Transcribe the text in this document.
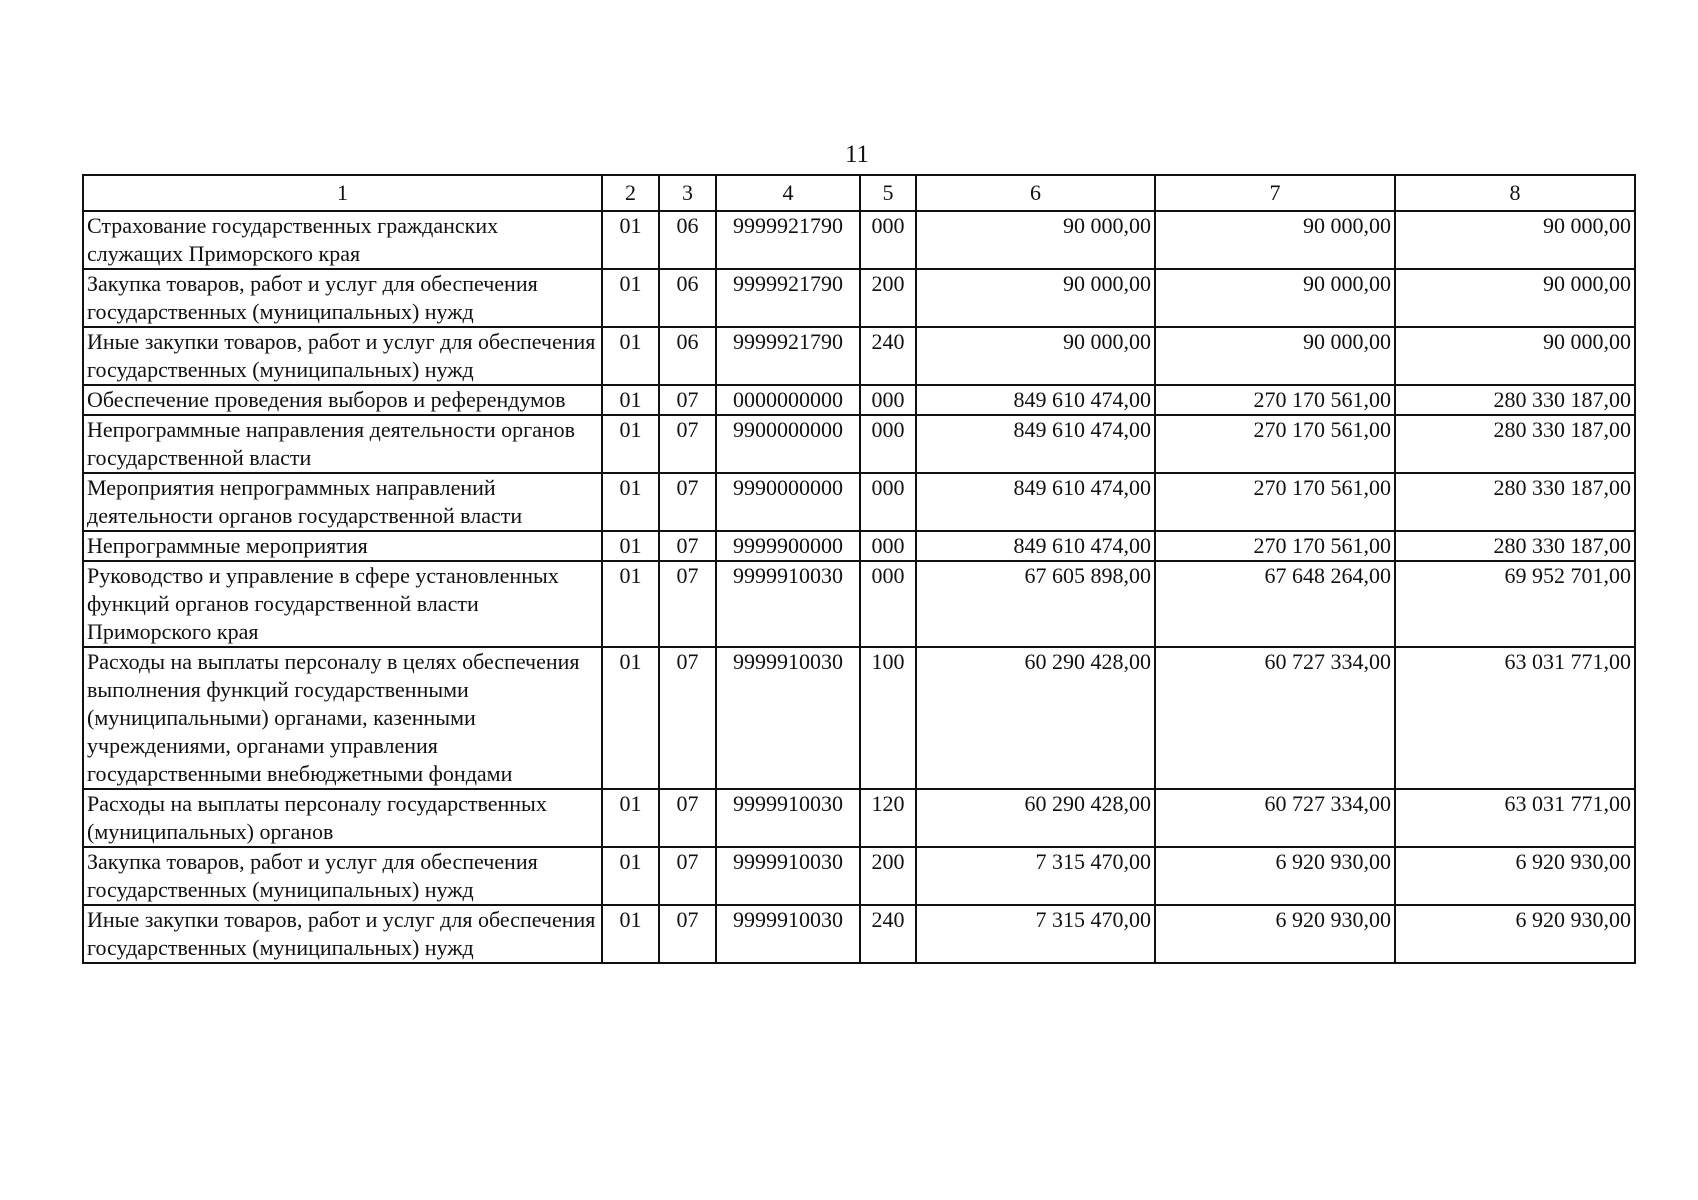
11
1	2	3	4	5	6	7	8
Страхование государственных гражданских служащих Приморского края	01	06	9999921790	000	90 000,00	90 000,00	90 000,00
Закупка товаров, работ и услуг для обеспечения государственных (муниципальных) нужд	01	06	9999921790	200	90 000,00	90 000,00	90 000,00
Иные закупки товаров, работ и услуг для обеспечения государственных (муниципальных) нужд	01	06	9999921790	240	90 000,00	90 000,00	90 000,00
Обеспечение проведения выборов и референдумов	01	07	0000000000	000	849 610 474,00	270 170 561,00	280 330 187,00
Непрограммные направления деятельности органов государственной власти	01	07	9900000000	000	849 610 474,00	270 170 561,00	280 330 187,00
Мероприятия непрограммных направлений деятельности органов государственной власти	01	07	9990000000	000	849 610 474,00	270 170 561,00	280 330 187,00
Непрограммные мероприятия	01	07	9999900000	000	849 610 474,00	270 170 561,00	280 330 187,00
Руководство и управление в сфере установленных функций органов государственной власти Приморского края	01	07	9999910030	000	67 605 898,00	67 648 264,00	69 952 701,00
Расходы на выплаты персоналу в целях обеспечения выполнения функций государственными (муниципальными) органами, казенными учреждениями, органами управления государственными внебюджетными фондами	01	07	9999910030	100	60 290 428,00	60 727 334,00	63 031 771,00
Расходы на выплаты персоналу государственных (муниципальных) органов	01	07	9999910030	120	60 290 428,00	60 727 334,00	63 031 771,00
Закупка товаров, работ и услуг для обеспечения государственных (муниципальных) нужд	01	07	9999910030	200	7 315 470,00	6 920 930,00	6 920 930,00
Иные закупки товаров, работ и услуг для обеспечения государственных (муниципальных) нужд	01	07	9999910030	240	7 315 470,00	6 920 930,00	6 920 930,00
